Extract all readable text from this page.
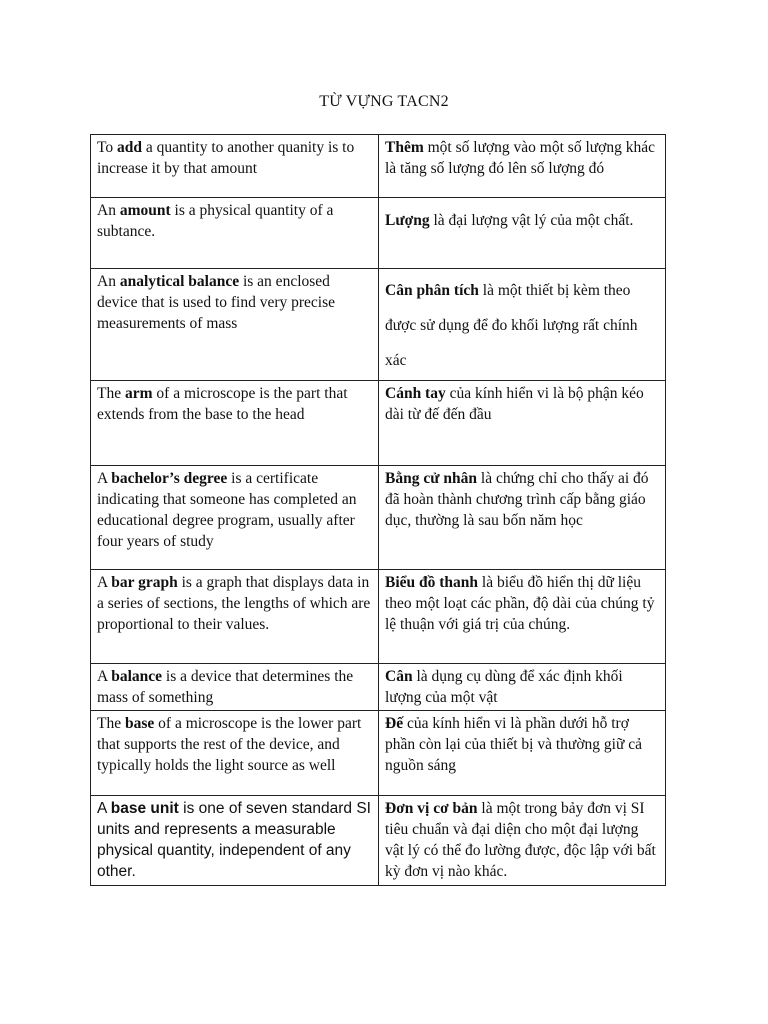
TỪ VỰNG TACN2
To add a quantity to another quanity is to increase it by that amount	Thêm một số lượng vào một số lượng khác là tăng số lượng đó lên số lượng đó
An amount is a physical quantity of a subtance.	Lượng là đại lượng vật lý của một chất.
An analytical balance is an enclosed device that is used to find very precise measurements of mass	Cân phân tích là một thiết bị kèm theo được sử dụng để đo khối lượng rất chính xác
The arm of a microscope is the part that extends from the base to the head	Cánh tay của kính hiển vi là bộ phận kéo dài từ đế đến đầu
A bachelor’s degree is a certificate indicating that someone has completed an educational degree program, usually after four years of study	Bằng cử nhân là chứng chỉ cho thấy ai đó đã hoàn thành chương trình cấp bằng giáo dục, thường là sau bốn năm học
A bar graph is a graph that displays data in a series of sections, the lengths of which are proportional to their values.	Biểu đồ thanh là biểu đồ hiển thị dữ liệu theo một loạt các phần, độ dài của chúng tỷ lệ thuận với giá trị của chúng.
A balance is a device that determines the mass of something	Cân là dụng cụ dùng để xác định khối lượng của một vật
The base of a microscope is the lower part that supports the rest of the device, and typically holds the light source as well	Đế của kính hiển vi là phần dưới hỗ trợ phần còn lại của thiết bị và thường giữ cả nguồn sáng
A base unit is one of seven standard SI units and represents a measurable physical quantity, independent of any other.	Đơn vị cơ bản là một trong bảy đơn vị SI tiêu chuẩn và đại diện cho một đại lượng vật lý có thể đo lường được, độc lập với bất kỳ đơn vị nào khác.
